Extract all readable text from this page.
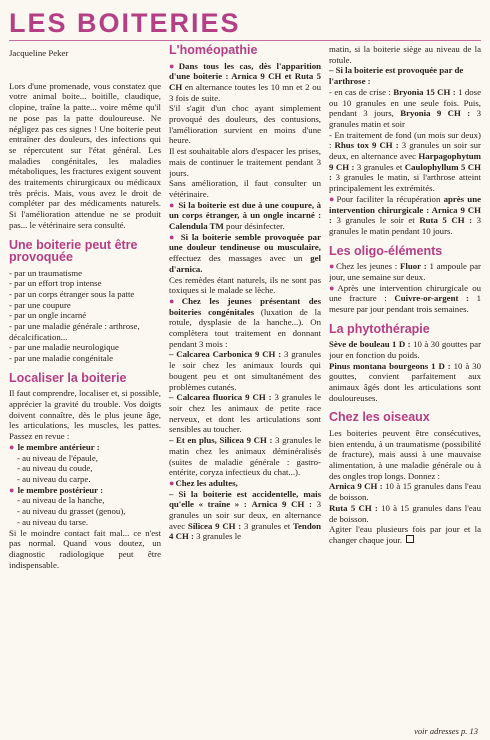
LES BOITERIES

Jacqueline Peker

Lors d'une promenade, vous constatez que votre animal boite... boitille, claudique, clopine, traîne la patte... voire même qu'il ne pose pas la patte douloureuse. Ne négligez pas ces signes ! Une boiterie peut entraîner des douleurs, des infections qui se répercutent sur l'état général. Les maladies congénitales, les maladies métaboliques, les fractures exigent souvent des traitements chirurgicaux ou médicaux très précis. Mais, vous avez le droit de compléter par des médicaments naturels. Si l'amélioration attendue ne se produit pas... le vétérinaire sera consulté.

Une boiterie peut être provoquée
- par un traumatisme
- par un effort trop intense
- par un corps étranger sous la patte
- par une coupure
- par un ongle incarné
- par une maladie générale : arthrose, décalcification...
- par une maladie neurologique
- par une maladie congénitale
Localiser la boiterie

Il faut comprendre, localiser et, si possible, apprécier la gravité du trouble. Vos doigts doivent connaître, dès le plus jeune âge, les articulations, les muscles, les pattes. Passez en revue :

● le membre antérieur :

- au niveau de l'épaule,
- au niveau du coude,
- au niveau du carpe.

● le membre postérieur :

- au niveau de la hanche,
- au niveau du grasset (genou),
- au niveau du tarse.

Si le moindre contact fait mal... ce n'est pas normal. Quand vous doutez, un diagnostic radiologique peut être indispensable.

L'homéopathie

●Dans tous les cas, dès l'apparition d'une boiterie : Arnica 9 CH et Ruta 5 CH en alternance toutes les 10 mn et 2 ou 3 fois de suite.

S'il s'agit d'un choc ayant simplement provoqué des douleurs, des contusions, l'amélioration survient en moins d'une heure.

Il est souhaitable alors d'espacer les prises, mais de continuer le traitement pendant 3 jours.

Sans amélioration, il faut consulter un vétérinaire.

● Si la boiterie est due à une coupure, à un corps étranger, à un ongle incarné : Calendula TM pour désinfecter.

● Si la boiterie semble provoquée par une douleur tendineuse ou musculaire, effectuez des massages avec un gel d'arnica.

Ces remèdes étant naturels, ils ne sont pas toxiques si le malade se lèche.

●Chez les jeunes présentant des boiteries congénitales (luxation de la rotule, dysplasie de la hanche...). On complètera tout traitement en donnant pendant 3 mois :

– Calcarea Carbonica 9 CH : 3 granules le soir chez les animaux lourds qui bougent peu et ont simultanément des problèmes cutanés.

– Calcarea fluorica 9 CH : 3 granules le soir chez les animaux de petite race nerveux, et dont les articulations sont sensibles au toucher.

– Et en plus, Silicea 9 CH : 3 granules le matin chez les animaux déminéralisés (suites de maladie générale : gastro-entérite, coryza infectieux du chat...).

●Chez les adultes,

– Si la boiterie est accidentelle, mais qu'elle « traîne » : Arnica 9 CH : 3 granules un soir sur deux, en alternance avec Silicea 9 CH : 3 granules et Tendon 4 CH : 3 granules le

matin, si la boiterie siège au niveau de la rotule.

– Si la boiterie est provoquée par de l'arthrose :

- en cas de crise : Bryonia 15 CH : 1 dose ou 10 granules en une seule fois. Puis, pendant 3 jours, Bryonia 9 CH : 3 granules matin et soir

- En traitement de fond (un mois sur deux) : Rhus tox 9 CH : 3 granules un soir sur deux, en alternance avec Harpagophytum 9 CH : 3 granules et Caulophyllum 5 CH : 3 granules le matin, si l'arthrose atteint principalement les extrémités.

●Pour faciliter la récupération après une intervention chirurgicale : Arnica 9 CH : 3 granules le soir et Ruta 5 CH : 3 granules le matin pendant 10 jours.

Les oligo-éléments

●Chez les jeunes : Fluor : 1 ampoule par jour, une semaine sur deux.

●Après une intervention chirurgicale ou une fracture : Cuivre-or-argent : 1 mesure par jour pendant trois semaines.

La phytothérapie

Sève de bouleau 1 D : 10 à 30 gouttes par jour en fonction du poids.

Pinus montana bourgeons 1 D : 10 à 30 gouttes, convient parfaitement aux animaux âgés dont les articulations sont douloureuses.

Chez les oiseaux

Les boiteries peuvent être consécutives, bien entendu, à un traumatisme (possibilité de fracture), mais aussi à une mauvaise alimentation, à une maladie générale ou à des ongles trop longs. Donnez :

Arnica 9 CH : 10 à 15 granules dans l'eau de boisson.

Ruta 5 CH : 10 à 15 granules dans l'eau de boisson.

Agiter l'eau plusieurs fois par jour et la changer chaque jour.

voir adresses p. 13
